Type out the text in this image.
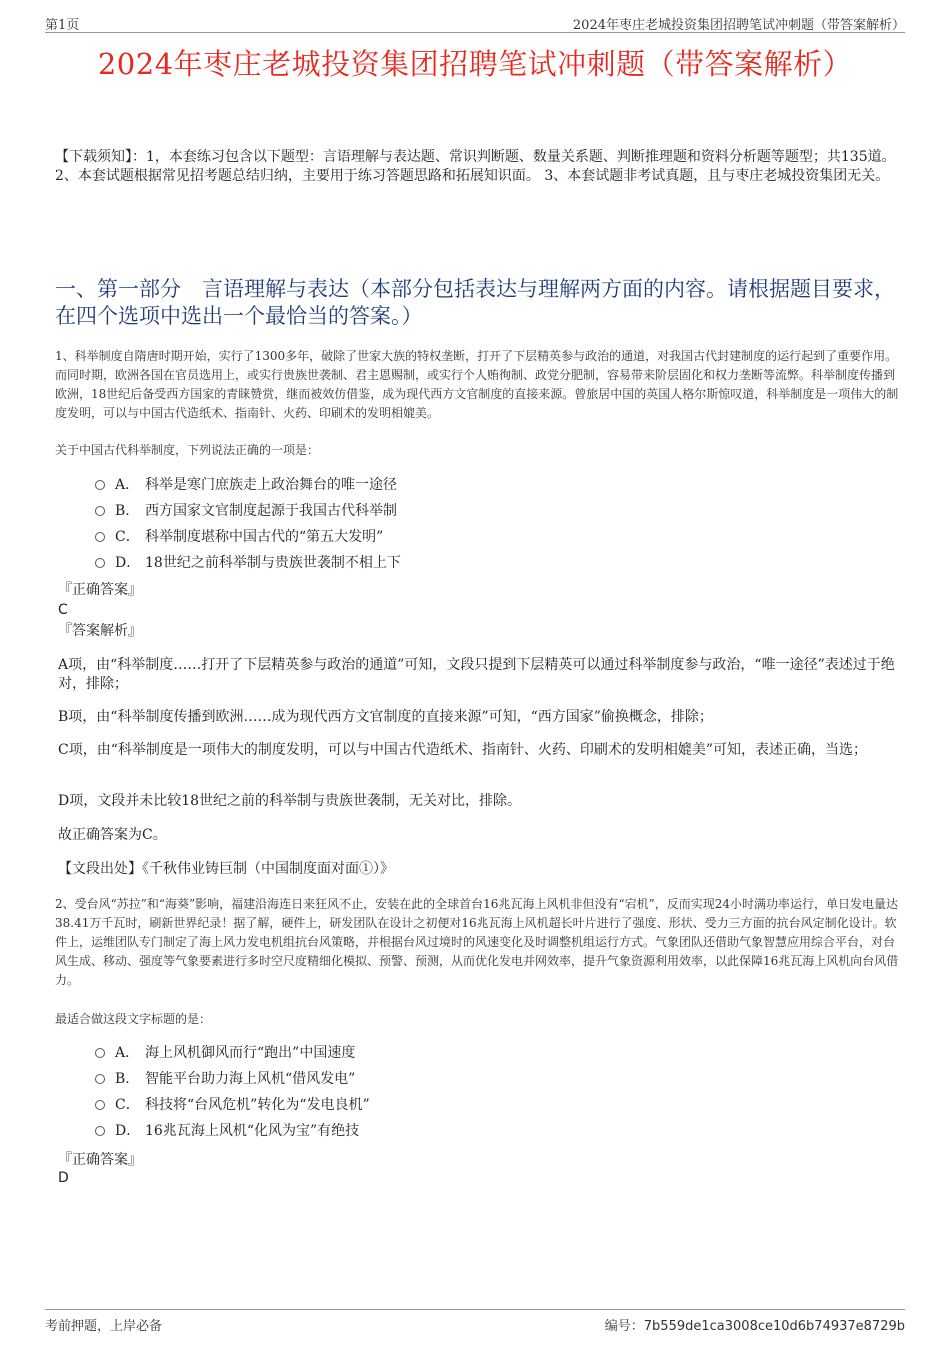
第1页	2024年枣庄老城投资集团招聘笔试冲刺题（带答案解析）
2024年枣庄老城投资集团招聘笔试冲刺题（带答案解析）
【下载须知】：1，本套练习包含以下题型：言语理解与表达题、常识判断题、数量关系题、判断推理题和资料分析题等题型；共135道。 2、本套试题根据常见招考题总结归纳，主要用于练习答题思路和拓展知识面。 3、本套试题非考试真题，且与枣庄老城投资集团无关。
一、第一部分　言语理解与表达（本部分包括表达与理解两方面的内容。请根据题目要求，在四个选项中选出一个最恰当的答案。）
1、科举制度自隋唐时期开始，实行了1300多年，破除了世家大族的特权垄断，打开了下层精英参与政治的通道，对我国古代封建制度的运行起到了重要作用。而同时期，欧洲各国在官员选用上，或实行贵族世袭制、君主恩赐制，或实行个人贿徇制、政党分肥制，容易带来阶层固化和权力垄断等流弊。科举制度传播到欧洲，18世纪后备受西方国家的青睐赞赏，继而被效仿借鉴，成为现代西方文官制度的直接来源。曾旅居中国的英国人格尔斯惊叹道，科举制度是一项伟大的制度发明，可以与中国古代造纸术、指南针、火药、印刷术的发明相媲美。
关于中国古代科举制度，下列说法正确的一项是：
A． 科举是寒门庶族走上政治舞台的唯一途径
B． 西方国家文官制度起源于我国古代科举制
C． 科举制度堪称中国古代的“第五大发明”
D． 18世纪之前科举制与贵族世袭制不相上下
『正确答案』
C
『答案解析』
A项，由“科举制度……打开了下层精英参与政治的通道”可知，文段只提到下层精英可以通过科举制度参与政治，“唯一途径”表述过于绝对，排除；
B项，由“科举制度传播到欧洲……成为现代西方文官制度的直接来源”可知，“西方国家”偷换概念，排除；
C项，由“科举制度是一项伟大的制度发明，可以与中国古代造纸术、指南针、火药、印刷术的发明相媲美”可知，表述正确，当选；
D项，文段并未比较18世纪之前的科举制与贵族世袭制，无关对比，排除。
故正确答案为C。
【文段出处】《千秋伟业铸巨制（中国制度面对面①）》
2、受台风“苏拉”和“海葵”影响，福建沿海连日来狂风不止，安装在此的全球首台16兆瓦海上风机非但没有“宕机”，反而实现24小时满功率运行，单日发电量达38.41万千瓦时，刷新世界纪录！据了解，硬件上，研发团队在设计之初便对16兆瓦海上风机超长叶片进行了强度、形状、受力三方面的抗台风定制化设计。软件上，运维团队专门制定了海上风力发电机组抗台风策略，并根据台风过境时的风速变化及时调整机组运行方式。气象团队还借助气象智慧应用综合平台，对台风生成、移动、强度等气象要素进行多时空尺度精细化模拟、预警、预测，从而优化发电并网效率，提升气象资源利用效率，以此保障16兆瓦海上风机向台风借力。
最适合做这段文字标题的是：
A． 海上风机御风而行“跑出”中国速度
B． 智能平台助力海上风机“借风发电”
C． 科技将“台风危机”转化为“发电良机”
D． 16兆瓦海上风机“化风为宝”有绝技
『正确答案』
D
考前押题，上岸必备	编号：7b559de1ca3008ce10d6b74937e8729b
